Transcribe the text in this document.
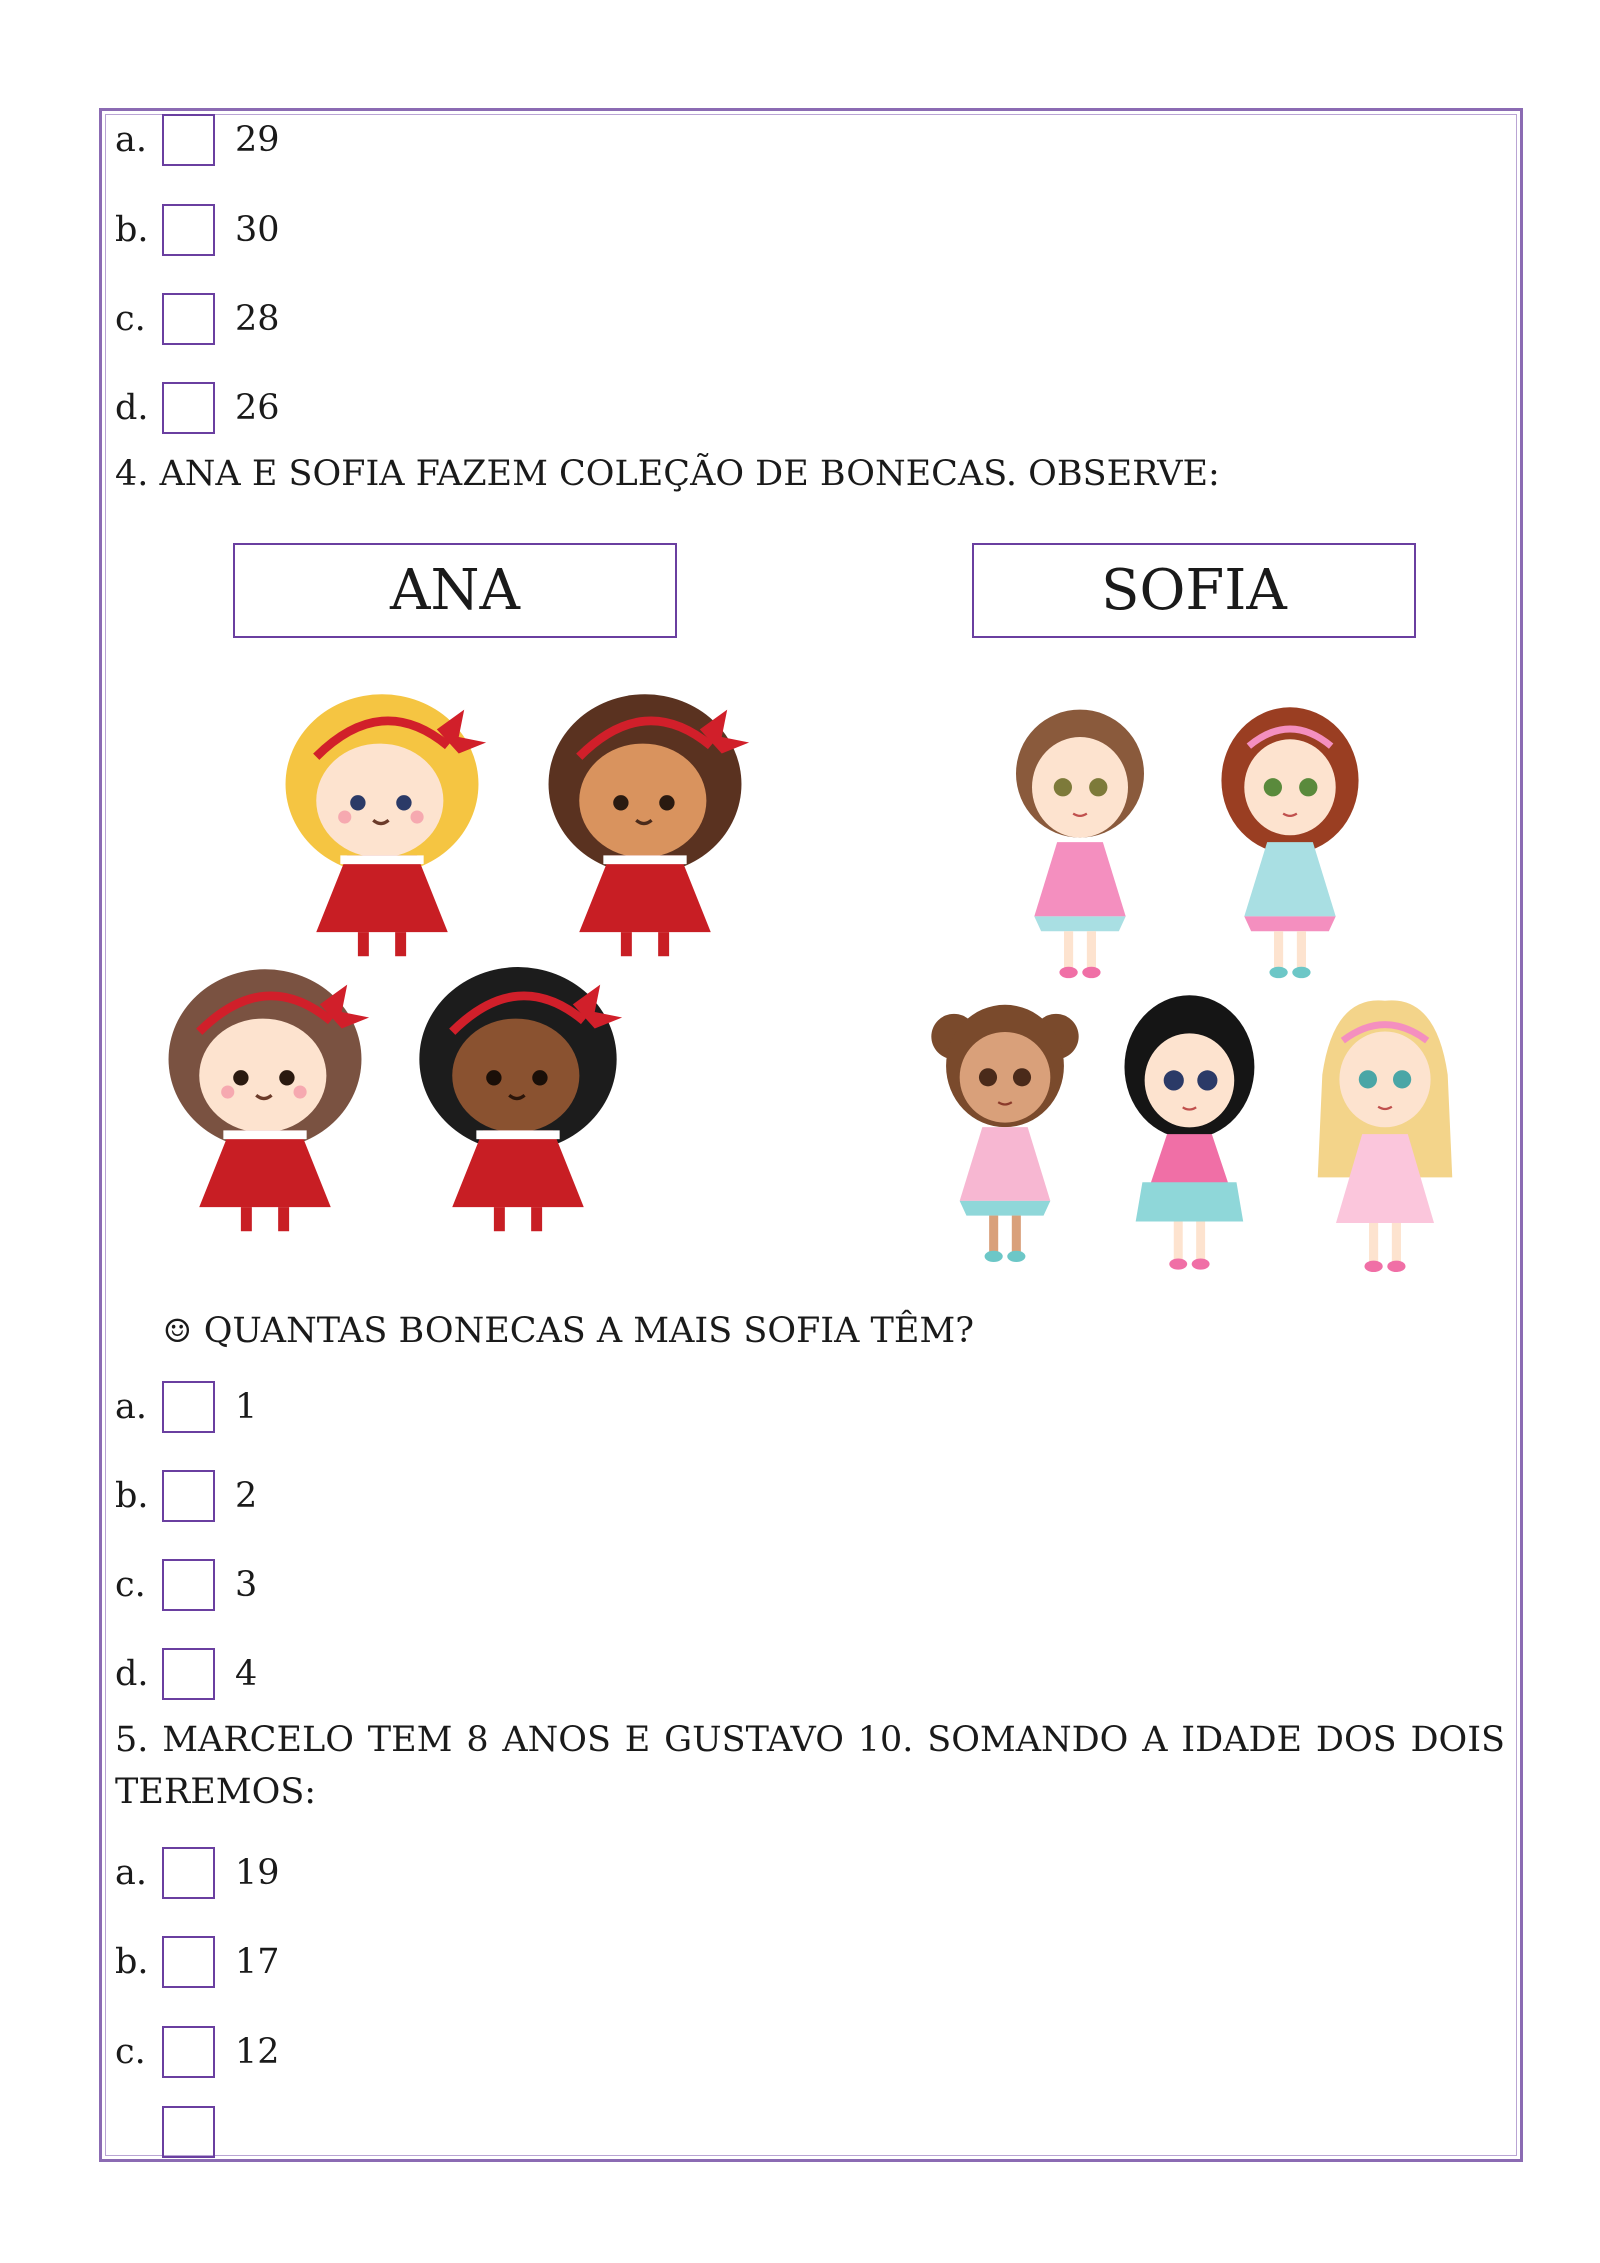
a.	29
b. 30
c.	28
d. 26
4. ANA E SOFIA FAZEM COLEÇÃO DE BONECAS. OBSERVE:
ANA	SOFIA
☺ QUANTAS BONECAS A MAIS SOFIA TÊM?
a.	1
b. 2
c.	3
d. 4
5. MARCELO TEM 8 ANOS E GUSTAVO 10. SOMANDO A IDADE DOS DOIS TEREMOS:
a.	19
b. 17
c.	12
